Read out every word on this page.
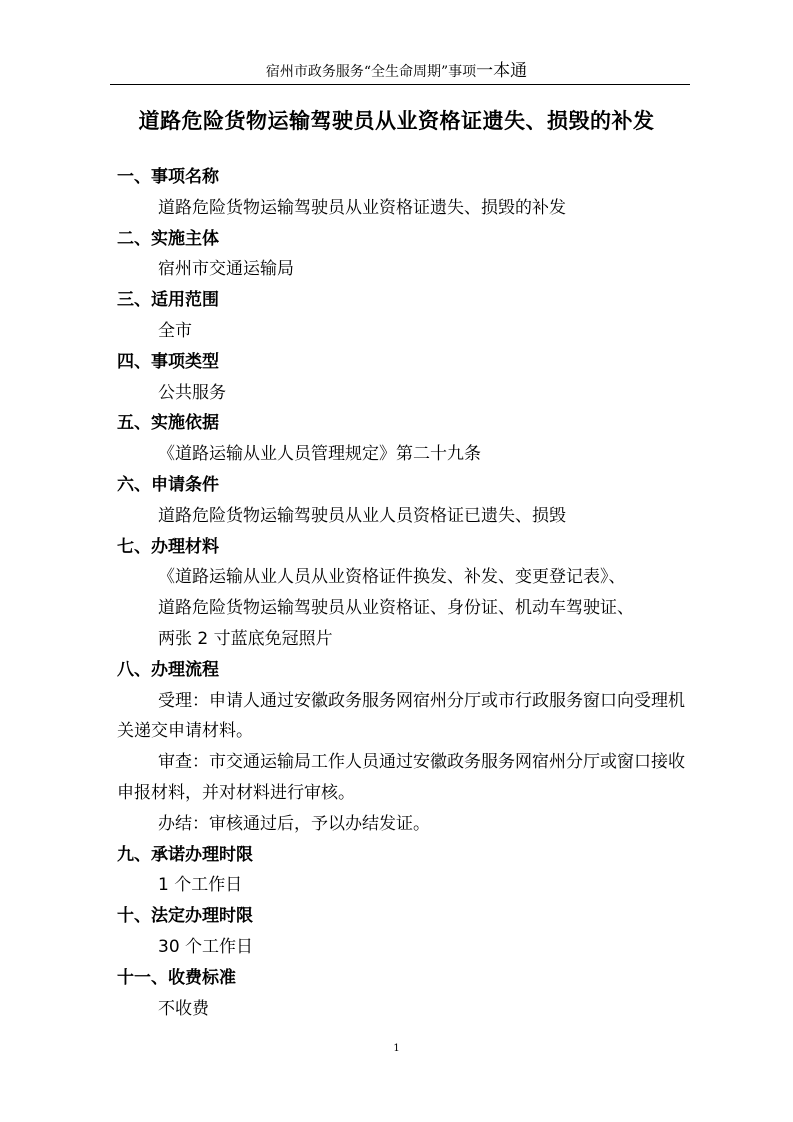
宿州市政务服务“全生命周期”事项一本通
道路危险货物运输驾驶员从业资格证遗失、损毁的补发
一、事项名称
道路危险货物运输驾驶员从业资格证遗失、损毁的补发
二、实施主体
宿州市交通运输局
三、适用范围
全市
四、事项类型
公共服务
五、实施依据
《道路运输从业人员管理规定》第二十九条
六、申请条件
道路危险货物运输驾驶员从业人员资格证已遗失、损毁
七、办理材料
《道路运输从业人员从业资格证件换发、补发、变更登记表》、
道路危险货物运输驾驶员从业资格证、身份证、机动车驾驶证、
两张 2 寸蓝底免冠照片
八、办理流程
受理：申请人通过安徽政务服务网宿州分厅或市行政服务窗口向受理机关递交申请材料。
审查：市交通运输局工作人员通过安徽政务服务网宿州分厅或窗口接收申报材料，并对材料进行审核。
办结：审核通过后，予以办结发证。
九、承诺办理时限
1 个工作日
十、法定办理时限
30 个工作日
十一、收费标准
不收费
1
